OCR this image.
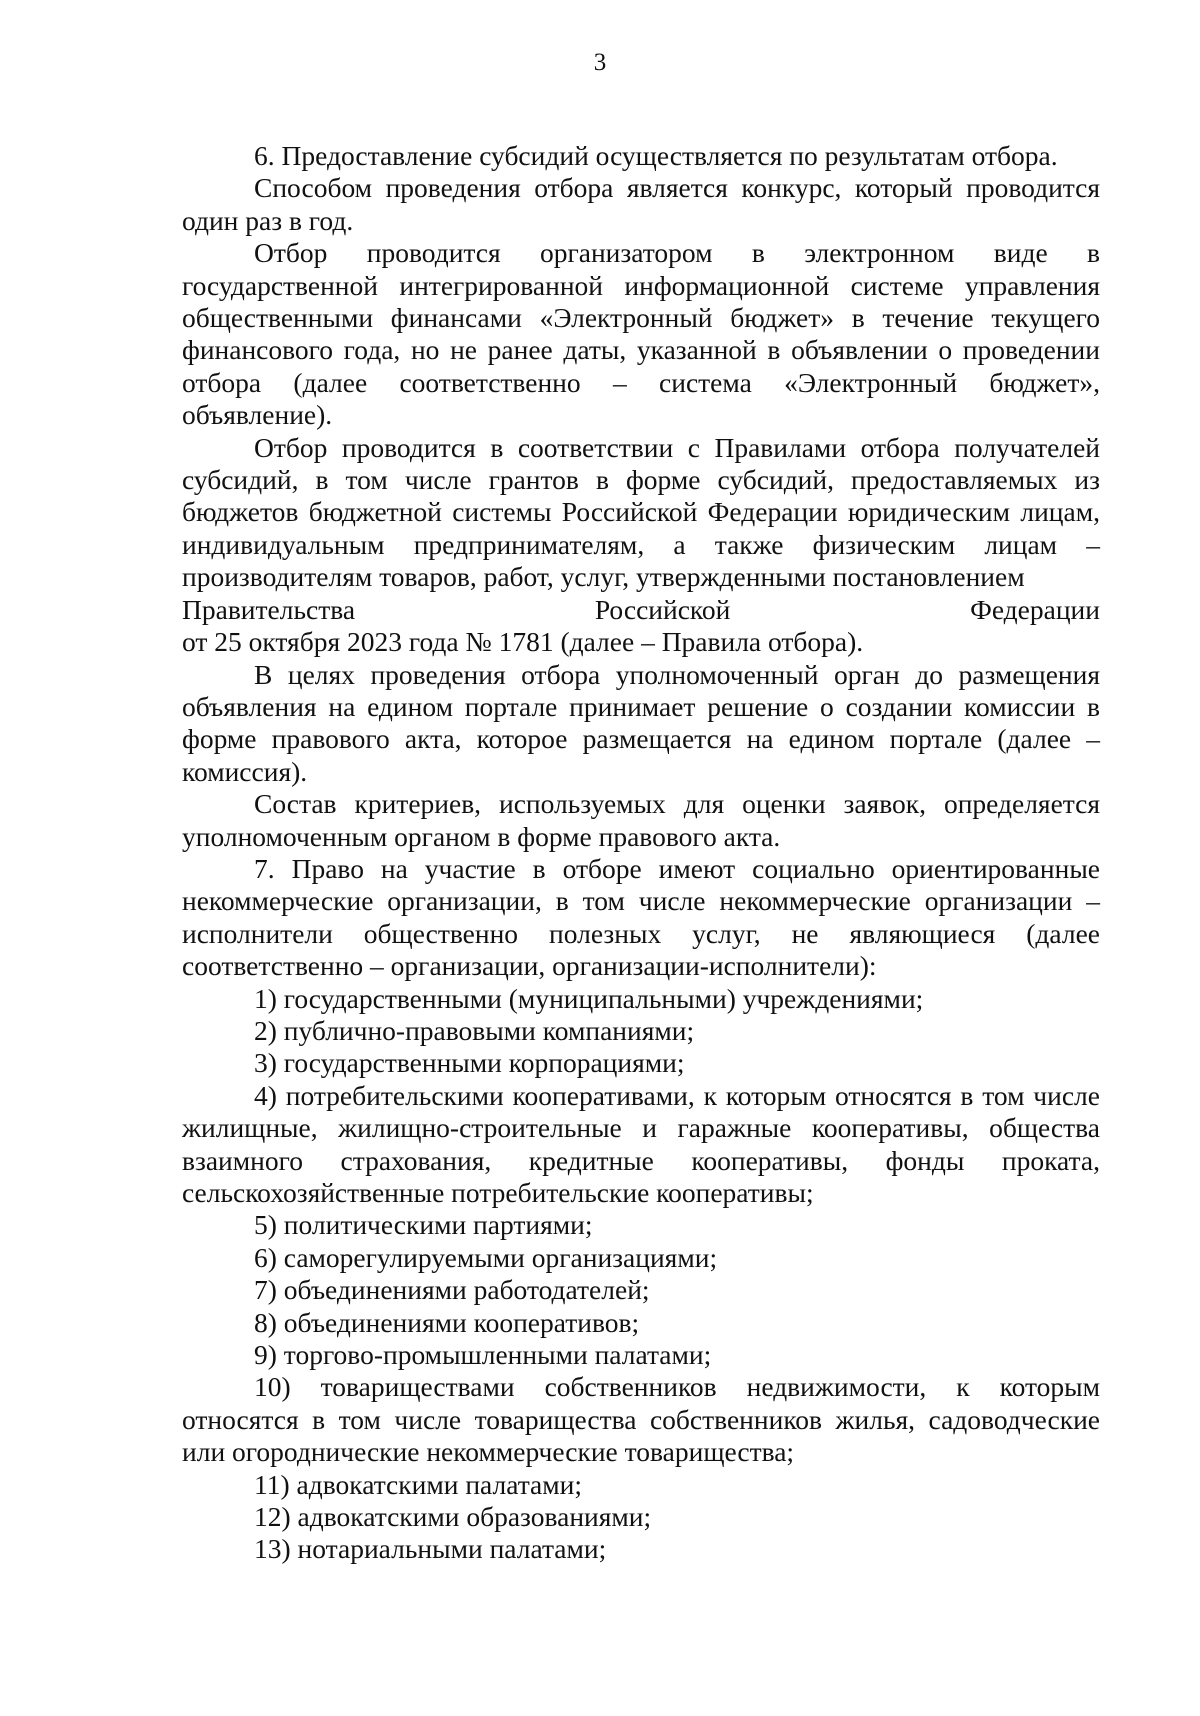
3

6. Предоставление субсидий осуществляется по результатам отбора.

Способом проведения отбора является конкурс, который проводится один раз в год.

Отбор проводится организатором в электронном виде в государственной интегрированной информационной системе управления общественными финансами «Электронный бюджет» в течение текущего финансового года, но не ранее даты, указанной в объявлении о проведении отбора (далее соответственно – система «Электронный бюджет», объявление).

Отбор проводится в соответствии с Правилами отбора получателей субсидий, в том числе грантов в форме субсидий, предоставляемых из бюджетов бюджетной системы Российской Федерации юридическим лицам, индивидуальным предпринимателям, а также физическим лицам – производителям товаров, работ, услуг, утвержденными постановлением
Правительства Российской Федерации
от 25 октября 2023 года № 1781 (далее – Правила отбора).

В целях проведения отбора уполномоченный орган до размещения объявления на едином портале принимает решение о создании комиссии в форме правового акта, которое размещается на едином портале (далее – комиссия).

Состав критериев, используемых для оценки заявок, определяется уполномоченным органом в форме правового акта.

7. Право на участие в отборе имеют социально ориентированные некоммерческие организации, в том числе некоммерческие организации – исполнители общественно полезных услуг, не являющиеся (далее соответственно – организации, организации-исполнители):

1) государственными (муниципальными) учреждениями;

2) публично-правовыми компаниями;

3) государственными корпорациями;

4) потребительскими кооперативами, к которым относятся в том числе жилищные, жилищно-строительные и гаражные кооперативы, общества взаимного страхования, кредитные кооперативы, фонды проката, сельскохозяйственные потребительские кооперативы;

5) политическими партиями;

6) саморегулируемыми организациями;

7) объединениями работодателей;

8) объединениями кооперативов;

9) торгово-промышленными палатами;

10) товариществами собственников недвижимости, к которым относятся в том числе товарищества собственников жилья, садоводческие или огороднические некоммерческие товарищества;

11) адвокатскими палатами;

12) адвокатскими образованиями;

13) нотариальными палатами;
